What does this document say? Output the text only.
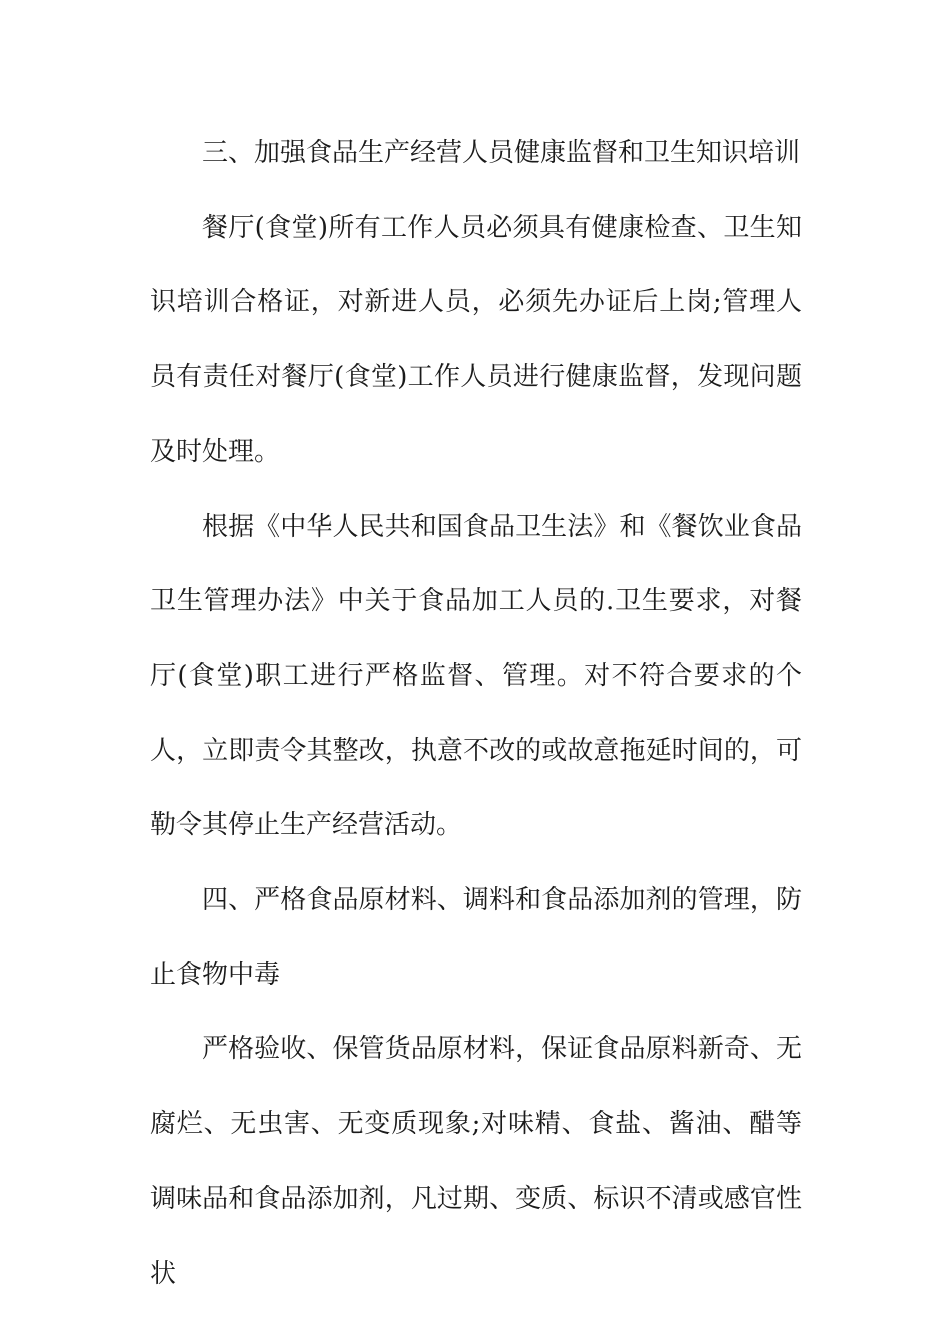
三、加强食品生产经营人员健康监督和卫生知识培训

餐厅(食堂)所有工作人员必须具有健康检查、卫生知识培训合格证，对新进人员，必须先办证后上岗;管理人员有责任对餐厅(食堂)工作人员进行健康监督，发现问题及时处理。

根据《中华人民共和国食品卫生法》和《餐饮业食品卫生管理办法》中关于食品加工人员的.卫生要求，对餐厅(食堂)职工进行严格监督、管理。对不符合要求的个人，立即责令其整改，执意不改的或故意拖延时间的，可勒令其停止生产经营活动。

四、严格食品原材料、调料和食品添加剂的管理，防止食物中毒

严格验收、保管货品原材料，保证食品原料新奇、无腐烂、无虫害、无变质现象;对味精、食盐、酱油、醋等调味品和食品添加剂，凡过期、变质、标识不清或感官性状
